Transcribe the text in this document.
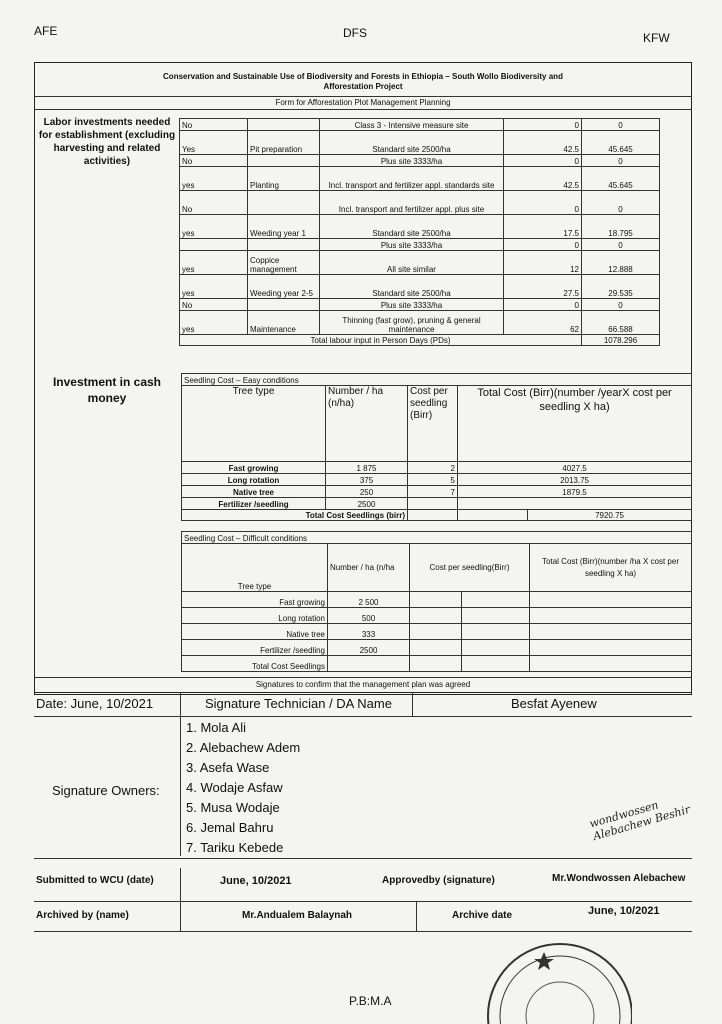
AFE	DFS	KFW
Conservation and Sustainable Use of Biodiversity and Forests in Ethiopia – South Wollo Biodiversity and
Afforestation Project
Form for Afforestation Plot Management Planning
Labor investments needed for establishment (excluding harvesting and related activities)
No		Class 3 - Intensive measure site	0	0
Yes	Pit preparation	Standard site 2500/ha	42.5	45.645
No		Plus site 3333/ha	0	0
yes	Planting	Incl. transport and fertilizer appl. standards site	42.5	45.645
No		Incl. transport and fertilizer appl. plus site	0	0
yes	Weeding year 1	Standard site 2500/ha	17.5	18.795
		Plus site 3333/ha	0	0
yes	Coppice management	All site similar	12	12.888
yes	Weeding year 2-5	Standard site 2500/ha	27.5	29.535
No		Plus site 3333/ha	0	0
yes	Maintenance	Thinning (fast grow), pruning & general maintenance	62	66.588
Total labour input in Person Days (PDs)				1078.296
Investment in cash money
Seedling Cost – Easy conditions				
Tree type	Number / ha (n/ha)	Cost per seedling (Birr)	Total Cost (Birr)(number /yearX cost per seedling X ha)	
Fast growing	1 875	2	4027.5	
Long rotation	375	5	2013.75	
Native tree	250	7	1879.5	
Fertilizer /seedling	2500			
Total Cost Seedlings (birr)				7920.75
Seedling Cost – Difficult conditions				
Tree type	Number / ha (n/ha	Cost per seedling(Birr)		Total Cost (Birr)(number /ha X cost per seedling X ha)
Fast growing	2 500			
Long rotation	500			
Native tree	333			
Fertilizer /seedling	2500			
Total Cost Seedlings				
Signatures to confirm that the management plan was agreed
Date: June, 10/2021	Signature Technician / DA Name	Besfat Ayenew
Signature Owners:
1. Mola Ali
2. Alebachew Adem
3. Asefa Wase
4. Wodaje Asfaw
5. Musa Wodaje
6. Jemal Bahru
7. Tariku Kebede
Submitted to WCU (date)	June, 10/2021	Approvedby (signature)	Mr.Wondwossen Alebachew
Archived by (name)	Mr.Andualem Balaynah	Archive date	June, 10/2021
wondwossen Alebachew Beshir
P.B:M.A
